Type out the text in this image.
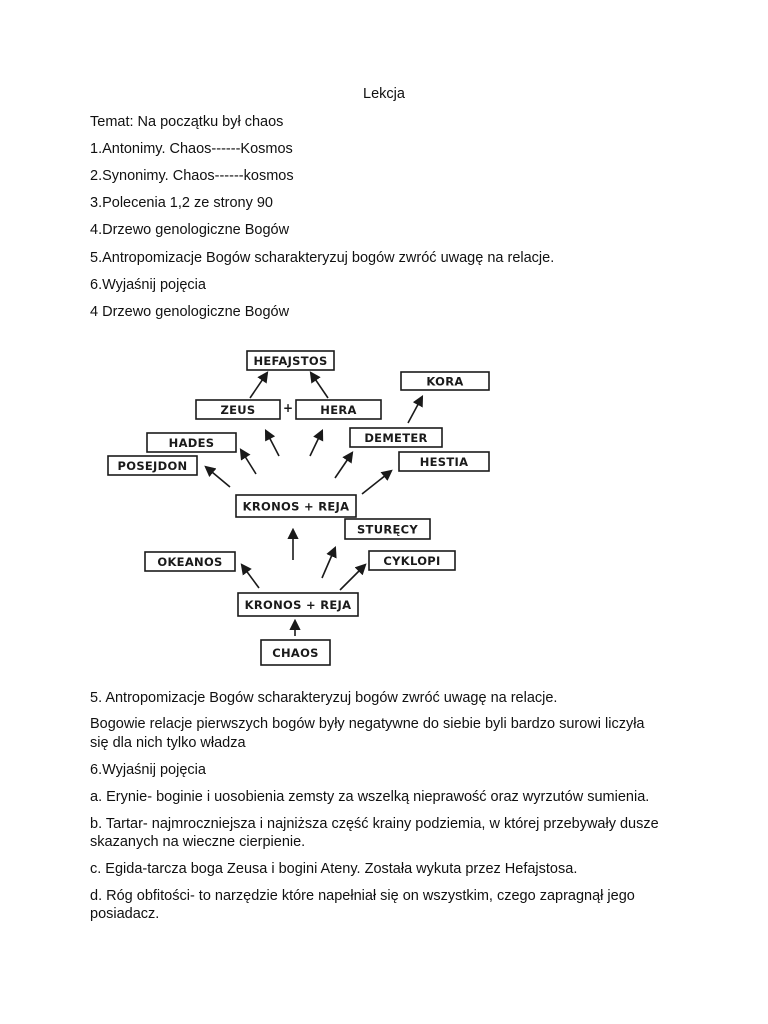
Lekcja
Temat: Na początku był chaos
1.Antonimy. Chaos------Kosmos
2.Synonimy. Chaos------kosmos
3.Polecenia 1,2 ze strony 90
4.Drzewo genologiczne Bogów
5.Antropomizacje Bogów scharakteryzuj bogów zwróć uwagę na relacje.
6.Wyjaśnij pojęcia
4 Drzewo genologiczne Bogów
HEFAJSTOS
ZEUS + HERA
KORA
HADES	DEMETER
POSEJDON	HESTIA
KRONOS + REJA
STURĘCY
OKEANOS	CYKLOPI
KRONOS + REJA
CHAOS
5. Antropomizacje Bogów scharakteryzuj bogów zwróć uwagę na relacje.
Bogowie relacje pierwszych bogów były negatywne do siebie byli bardzo surowi liczyła
się dla nich tylko władza
6.Wyjaśnij pojęcia
a. Erynie- boginie i uosobienia zemsty za wszelką nieprawość oraz wyrzutów sumienia.
b. Tartar- najmroczniejsza i najniższa część krainy podziemia, w której przebywały dusze
skazanych na wieczne cierpienie.
c. Egida-tarcza boga Zeusa i bogini Ateny. Została wykuta przez Hefajstosa.
d. Róg obfitości- to narzędzie które napełniał się on wszystkim, czego zapragnął jego
posiadacz.
